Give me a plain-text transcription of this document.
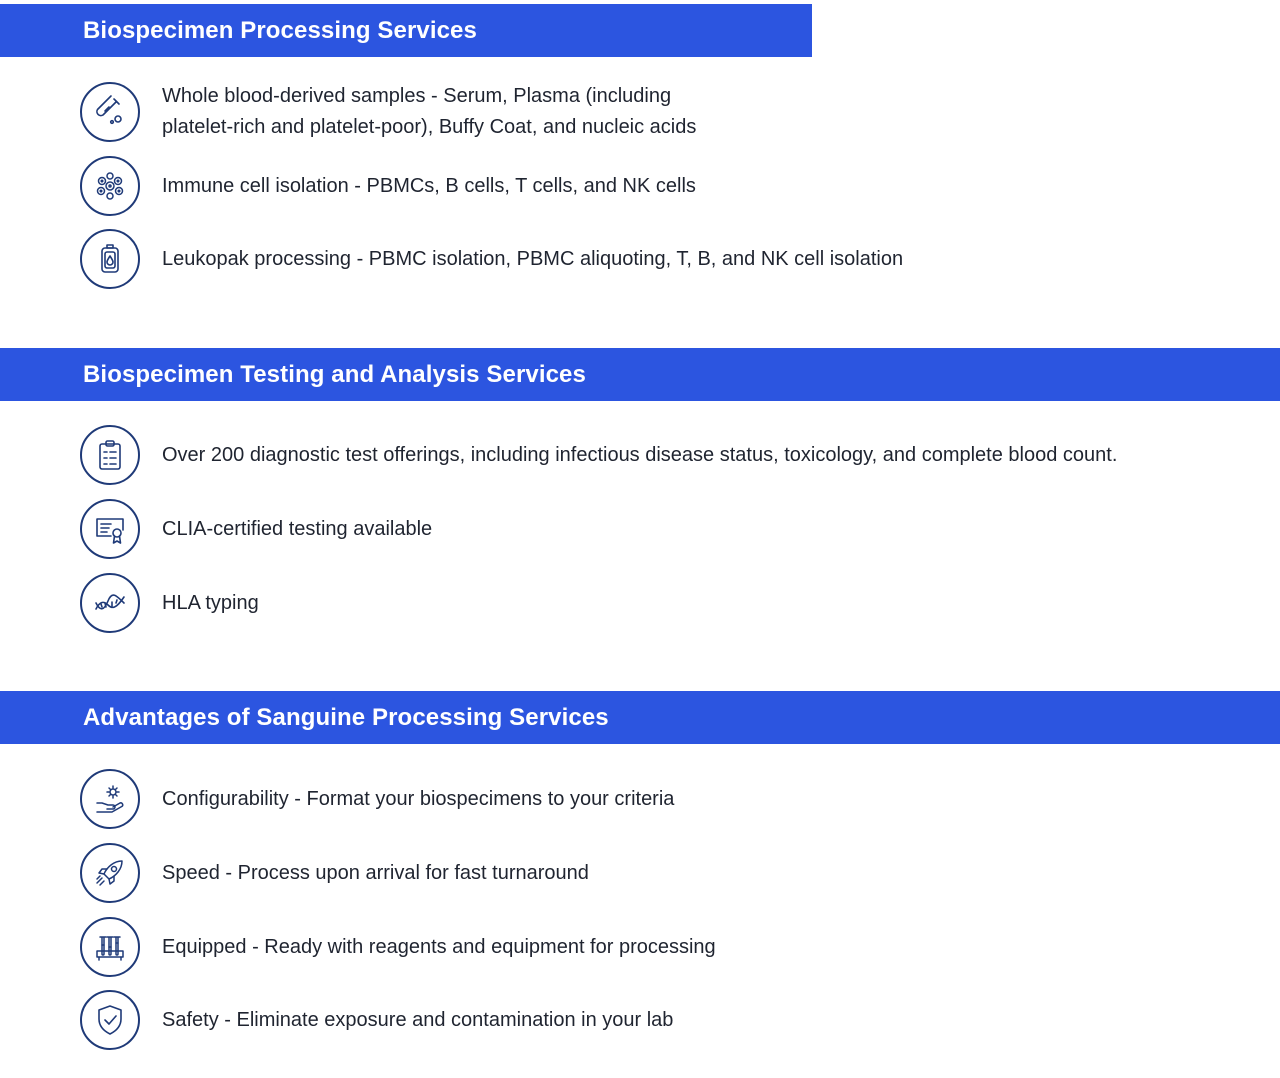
Biospecimen Processing Services
Whole blood-derived samples - Serum, Plasma (including
platelet-rich and platelet-poor), Buffy Coat, and nucleic acids
Immune cell isolation - PBMCs, B cells, T cells, and NK cells
Leukopak processing - PBMC isolation, PBMC aliquoting, T, B, and NK cell isolation
Biospecimen Testing and Analysis Services
Over 200 diagnostic test offerings, including infectious disease status, toxicology, and complete blood count.
CLIA-certified testing available
HLA typing
Advantages of Sanguine Processing Services
Configurability - Format your biospecimens to your criteria
Speed - Process upon arrival for fast turnaround
Equipped - Ready with reagents and equipment for processing
Safety - Eliminate exposure and contamination in your lab
